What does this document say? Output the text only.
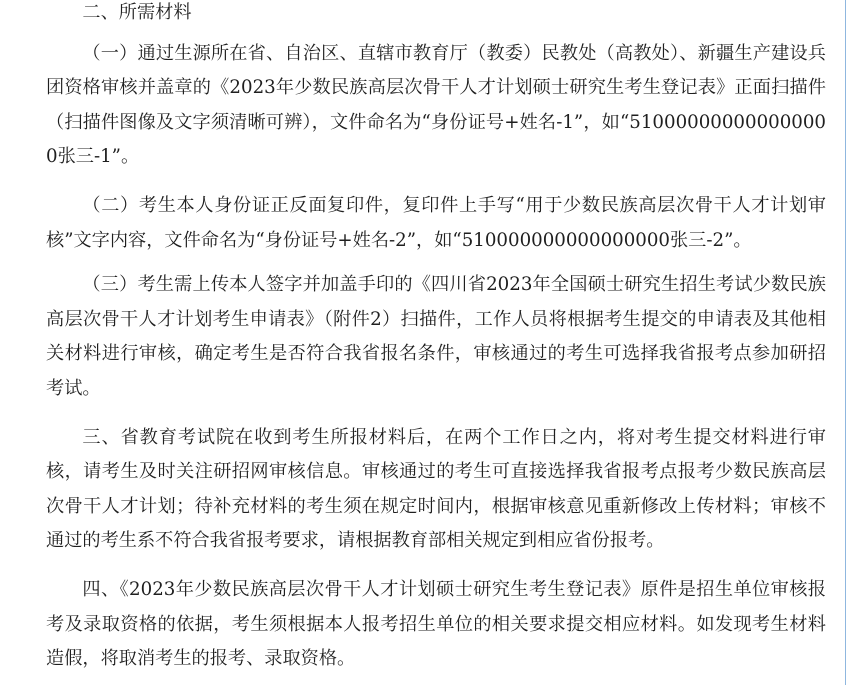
二、所需材料

（一）通过生源所在省、自治区、直辖市教育厅（教委）民教处（高教处）、新疆生产建设兵团资格审核并盖章的《2023年少数民族高层次骨干人才计划硕士研究生考生登记表》正面扫描件（扫描件图像及文字须清晰可辨），文件命名为“身份证号+姓名-1”，如“510000000000000000张三-1”。

（二）考生本人身份证正反面复印件，复印件上手写“用于少数民族高层次骨干人才计划审核”文字内容，文件命名为“身份证号+姓名-2”，如“510000000000000000张三-2”。

（三）考生需上传本人签字并加盖手印的《四川省2023年全国硕士研究生招生考试少数民族高层次骨干人才计划考生申请表》（附件2）扫描件，工作人员将根据考生提交的申请表及其他相关材料进行审核，确定考生是否符合我省报名条件，审核通过的考生可选择我省报考点参加研招考试。

三、省教育考试院在收到考生所报材料后，在两个工作日之内，将对考生提交材料进行审核，请考生及时关注研招网审核信息。审核通过的考生可直接选择我省报考点报考少数民族高层次骨干人才计划；待补充材料的考生须在规定时间内，根据审核意见重新修改上传材料；审核不通过的考生系不符合我省报考要求，请根据教育部相关规定到相应省份报考。

四、《2023年少数民族高层次骨干人才计划硕士研究生考生登记表》原件是招生单位审核报考及录取资格的依据，考生须根据本人报考招生单位的相关要求提交相应材料。如发现考生材料造假，将取消考生的报考、录取资格。
